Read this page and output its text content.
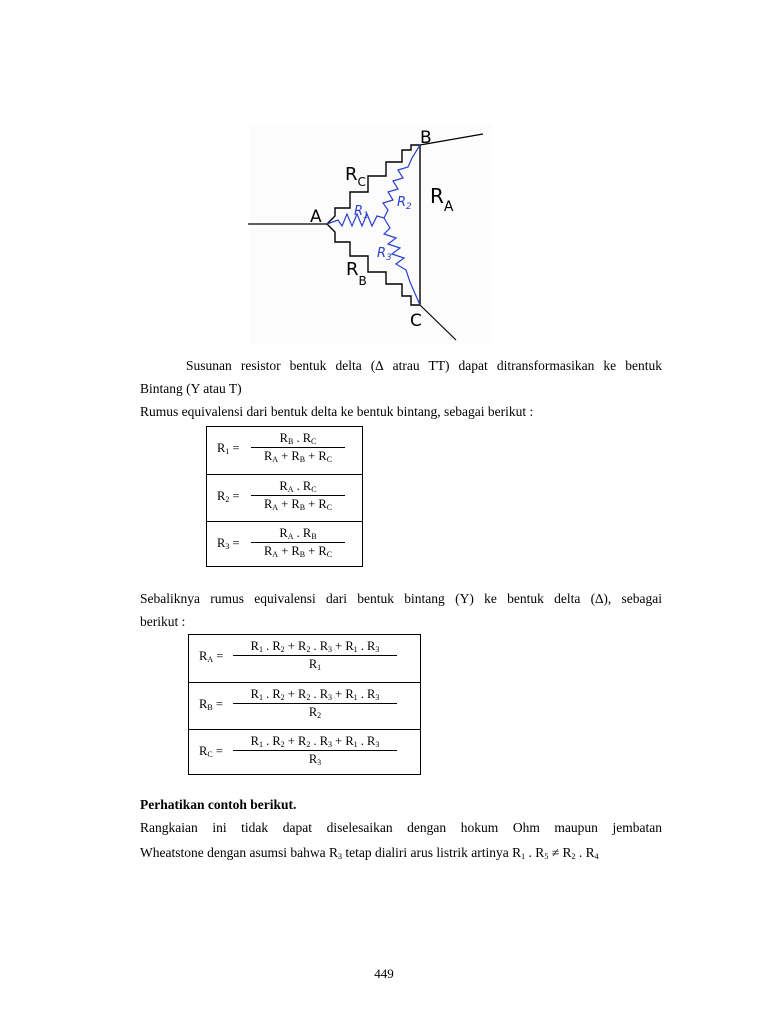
A
B
C
$R_C$
$R_A$
$R_B$
$R_1$
$R_2$
$R_3$
Susunan resistor bentuk delta (∆ atrau TT) dapat ditransformasikan ke bentuk
Bintang (Y atau T)
Rumus equivalensi dari bentuk delta ke bentuk bintang, sebagai berikut :
$R_1 = \frac{R_B . R_C}{R_A + R_B + R_C}$
$R_2 = \frac{R_A . R_C}{R_A + R_B + R_C}$
$R_3 = \frac{R_A . R_B}{R_A + R_B + R_C}$
Sebaliknya rumus equivalensi dari bentuk bintang (Y) ke bentuk delta (∆), sebagai
berikut :
$R_A = \frac{R_1 . R_2 + R_2 . R_3 + R_1 . R_3}{R_1}$
$R_B = \frac{R_1 . R_2 + R_2 . R_3 + R_1 . R_3}{R_2}$
$R_C = \frac{R_1 . R_2 + R_2 . R_3 + R_1 . R_3}{R_3}$
Perhatikan contoh berikut.
Rangkaian ini tidak dapat diselesaikan dengan hokum Ohm maupun jembatan
Wheatstone dengan asumsi bahwa $R_3$ tetap dialiri arus listrik artinya $R_1$ . $R_5 \ne R_2$ . $R_4$
449
